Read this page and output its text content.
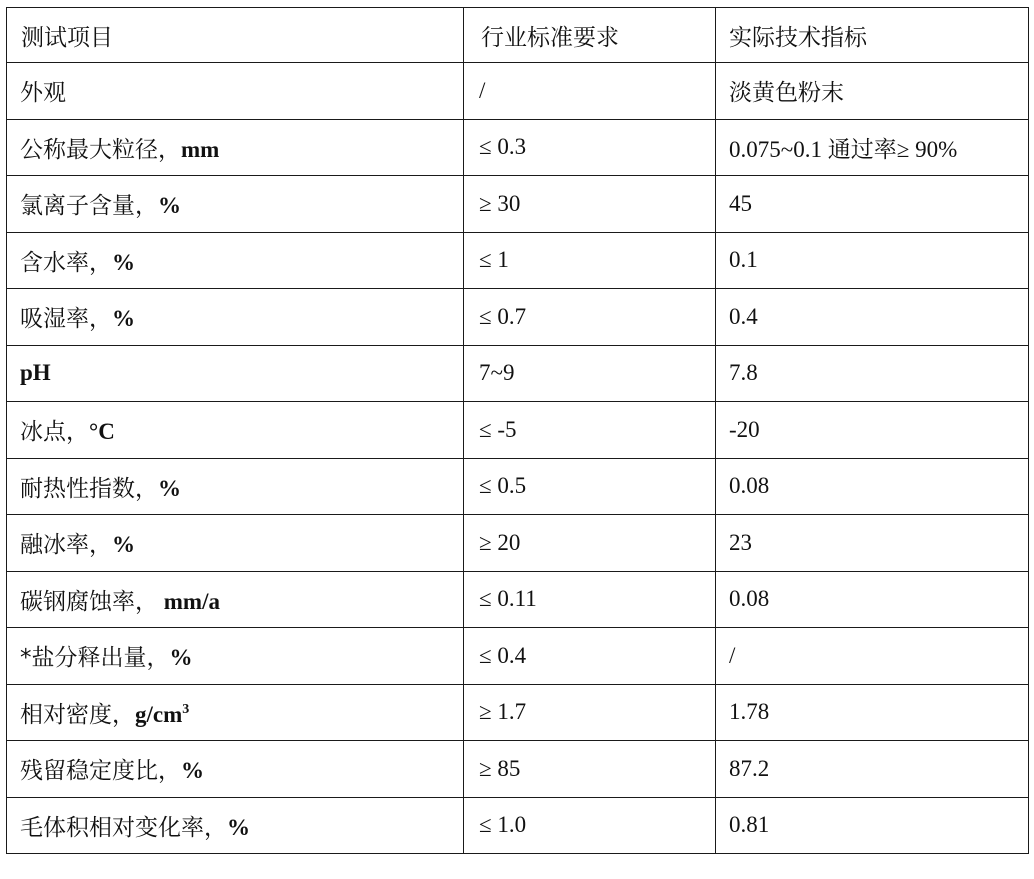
测试项目	行业标准要求	实际技术指标
外观	/	淡黄色粉末
公称最大粒径，mm	≤ 0.3	0.075~0.1 通过率≥ 90%
氯离子含量，%	≥ 30	45
含水率，%	≤ 1	0.1
吸湿率，%	≤ 0.7	0.4
pH	7~9	7.8
冰点，°C	≤ -5	-20
耐热性指数，%	≤ 0.5	0.08
融冰率，%	≥ 20	23
碳钢腐蚀率， mm/a	≤ 0.11	0.08
*盐分释出量，%	≤ 0.4	/
相对密度，$g/cm^3$	≥ 1.7	1.78
残留稳定度比，%	≥ 85	87.2
毛体积相对变化率，%	≤ 1.0	0.81
